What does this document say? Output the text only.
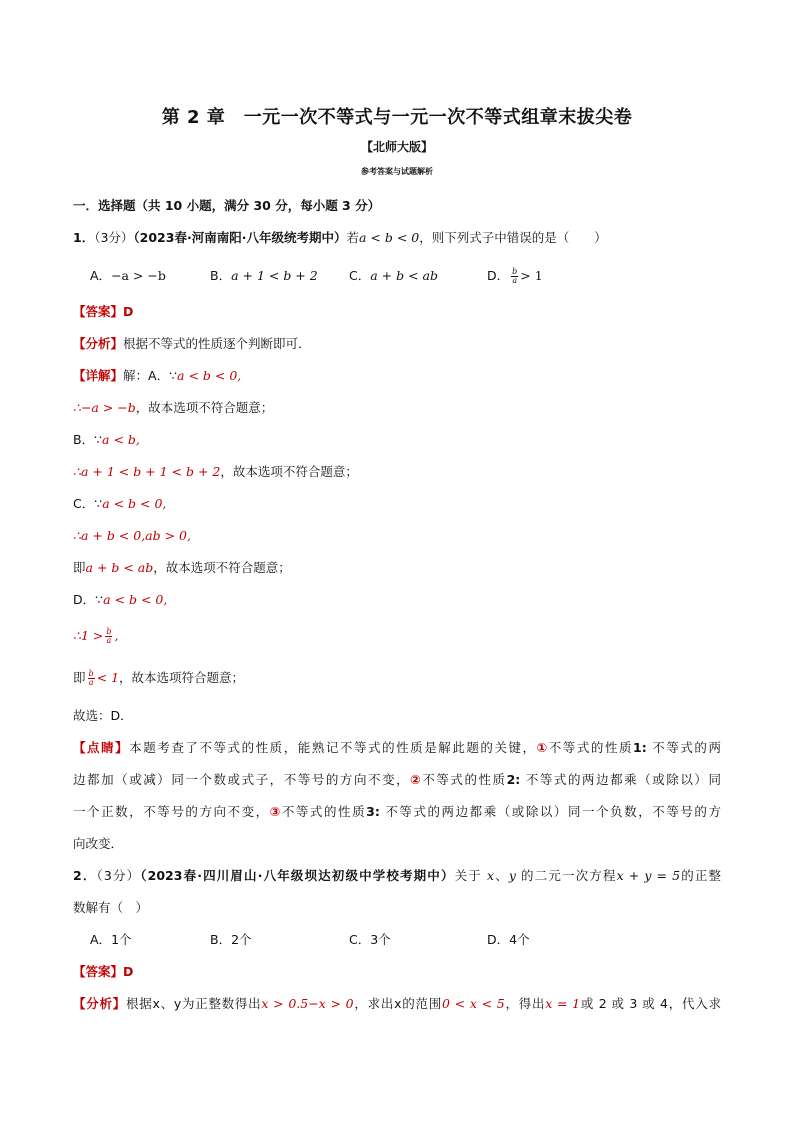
第 2 章　一元一次不等式与一元一次不等式组章末拔尖卷
【北师大版】
参考答案与试题解析
一．选择题（共 10 小题，满分 30 分，每小题 3 分）
1．（3分）（2023春·河南南阳·八年级统考期中）若a < b < 0，则下列式子中错误的是（　　）
A．−a > −b	B．a + 1 < b + 2	C．a + b < ab	D． $\frac{b}{a} > 1$
【答案】D
【分析】根据不等式的性质逐个判断即可．
【详解】解：A．∵a < b < 0,
∴−a > −b，故本选项不符合题意；
B．∵a < b,
∴a + 1 < b + 1 < b + 2，故本选项不符合题意；
C．∵a < b < 0,
∴a + b < 0,ab > 0,
即a + b < ab，故本选项不符合题意；
D．∵a < b < 0,
∴1 > $\frac{b}{a}$ ,
即 $\frac{b}{a} < 1$，故本选项符合题意；
故选：D．
【点睛】本题考查了不等式的性质，能熟记不等式的性质是解此题的关键，①不等式的性质1: 不等式的两
边都加（或减）同一个数或式子，不等号的方向不变，②不等式的性质2: 不等式的两边都乘（或除以）同
一个正数，不等号的方向不变，③不等式的性质3: 不等式的两边都乘（或除以）同一个负数，不等号的方
向改变．
2．（3分）（2023春·四川眉山·八年级坝达初级中学校考期中）关于 x、y 的二元一次方程x + y = 5的正整
数解有（　）
A．1个	B．2个	C．3个	D．4个
【答案】D
【分析】根据x、y为正整数得出x > 0.5−x > 0，求出x的范围0 < x < 5，得出x = 1或 2 或 3 或 4，代入求
